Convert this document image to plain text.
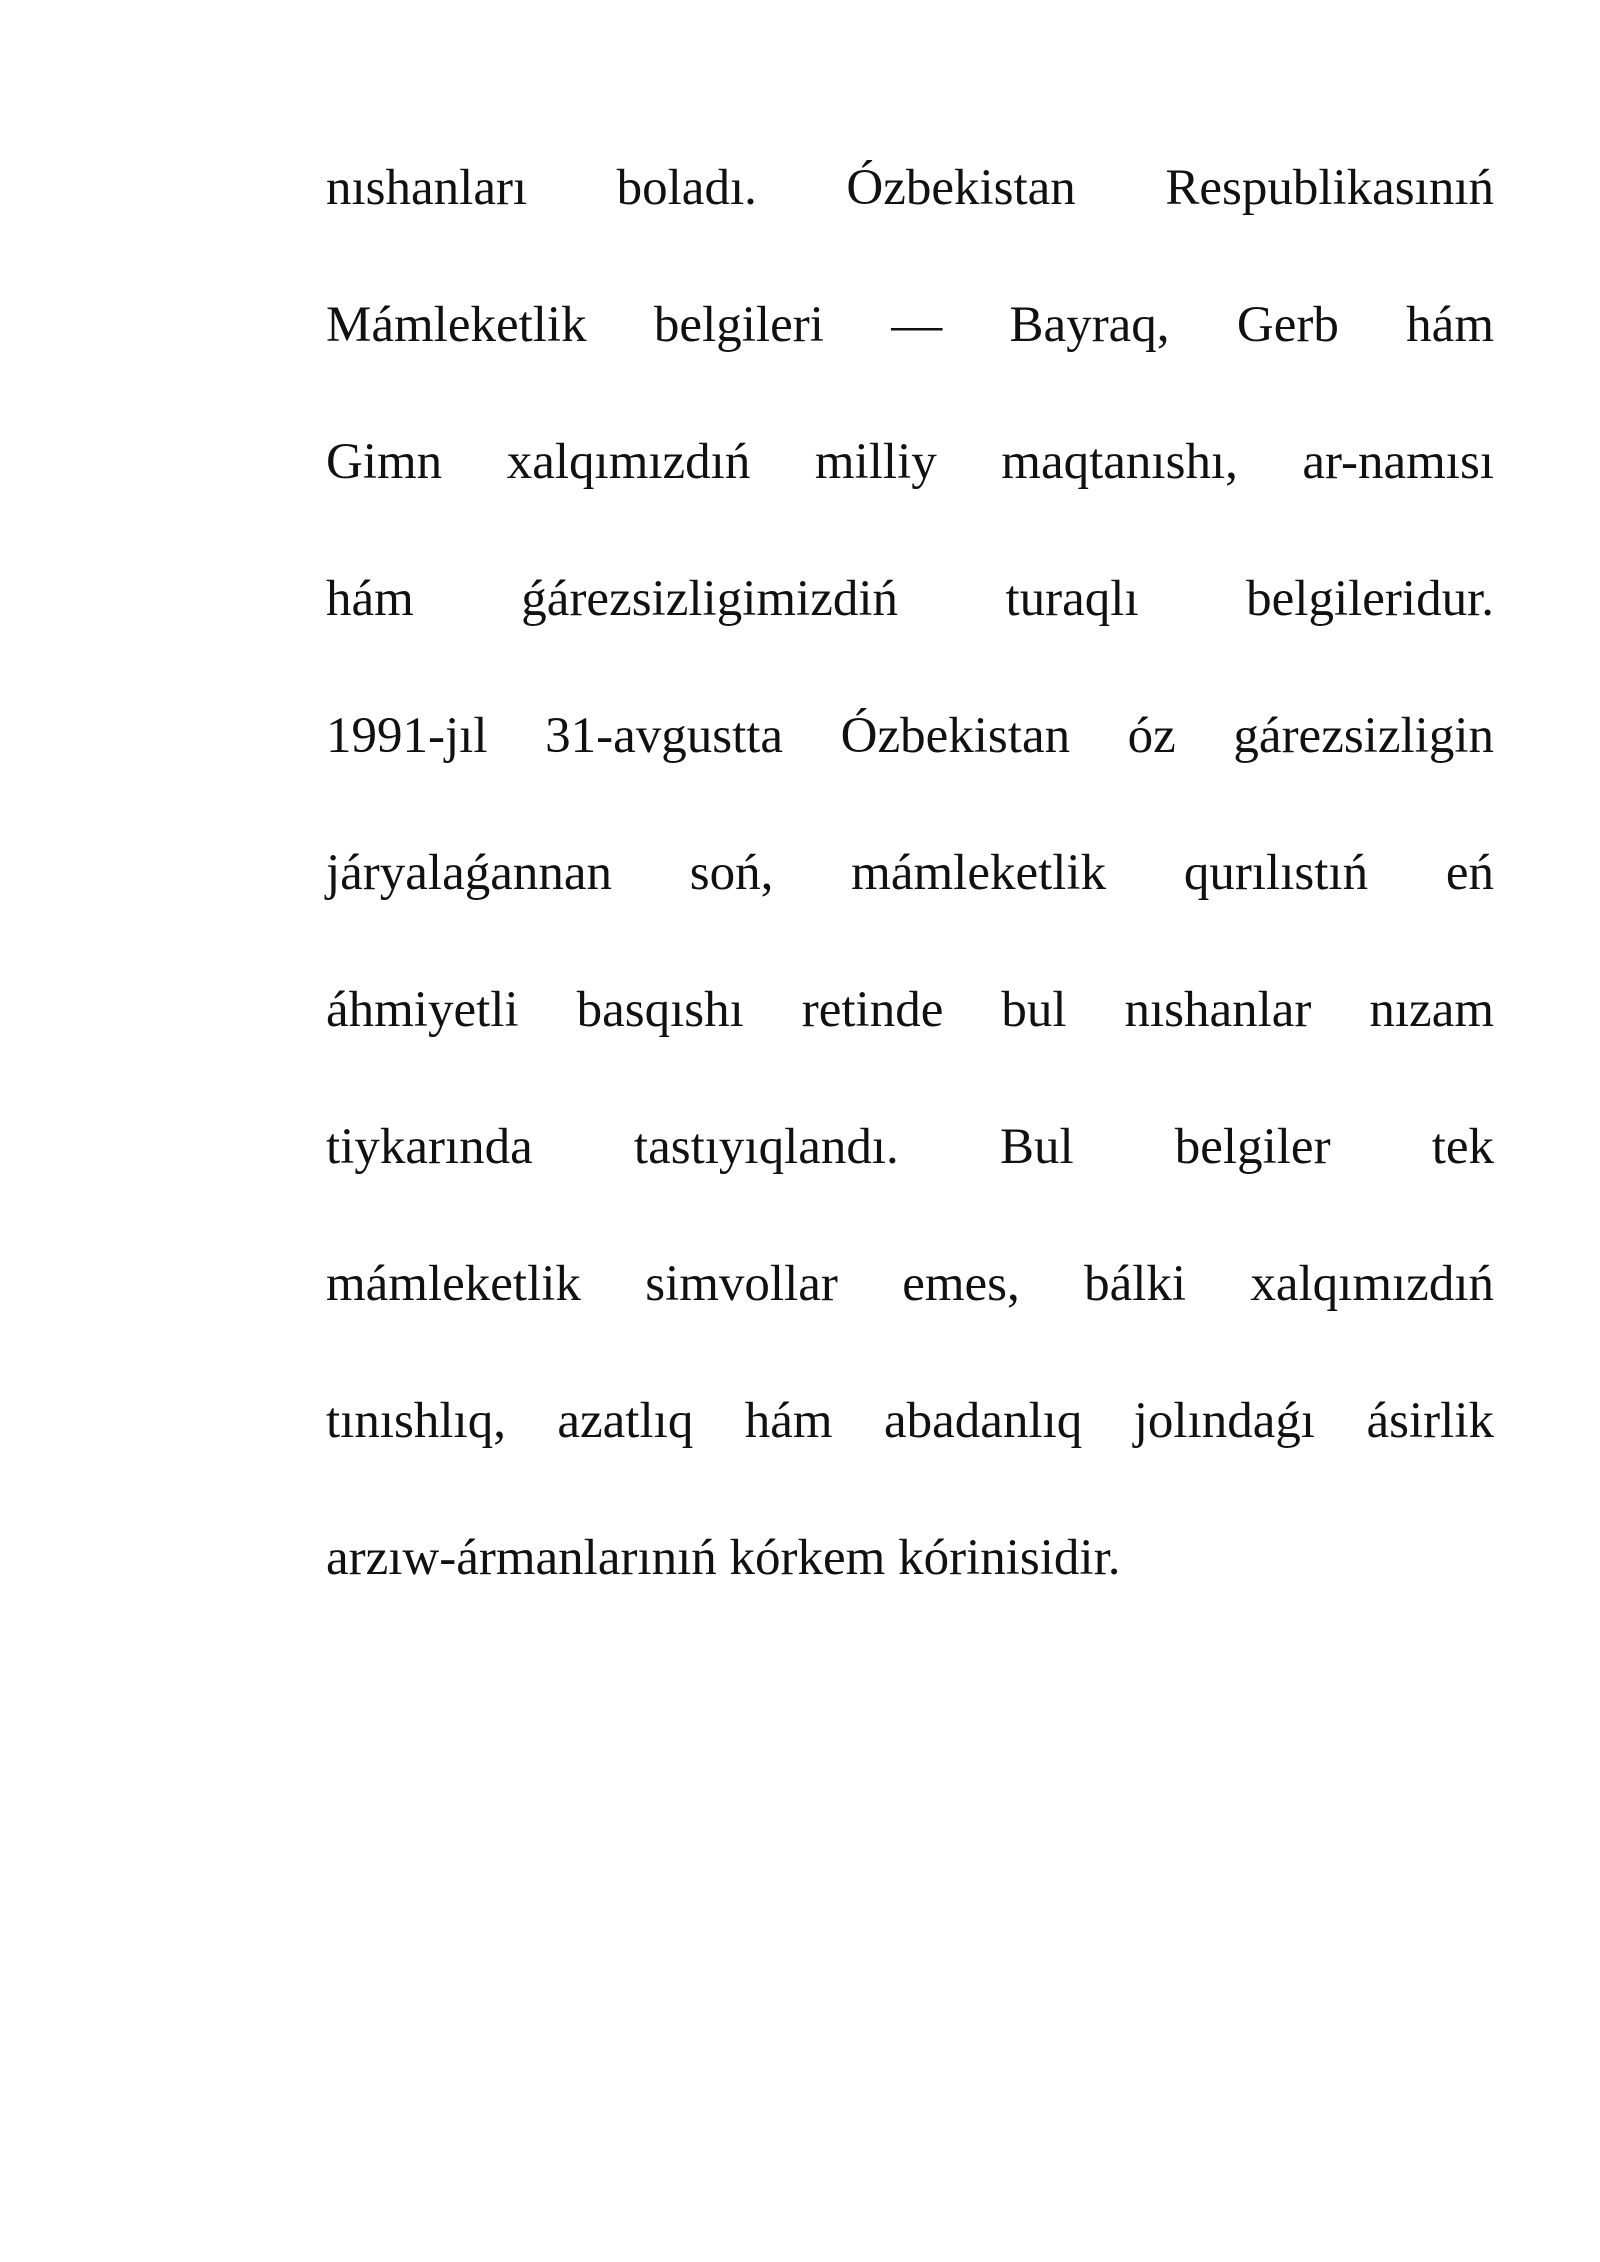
nıshanları boladı. Ózbekistan Respublikasınıń
Mámleketlik belgileri — Bayraq, Gerb hám
Gimn xalqımızdıń milliy maqtanıshı, ar-namısı
hám ǵárezsizligimizdiń turaqlı belgileridur.
1991-jıl 31-avgustta Ózbekistan óz gárezsizligin
járyalaǵannan soń, mámleketlik qurılıstıń eń
áhmiyetli basqıshı retinde bul nıshanlar nızam
tiykarında tastıyıqlandı. Bul belgiler tek
mámleketlik simvollar emes, bálki xalqımızdıń
tınıshlıq, azatlıq hám abadanlıq jolındaǵı ásirlik
arzıw-ármanlarınıń kórkem kórinisidir.
